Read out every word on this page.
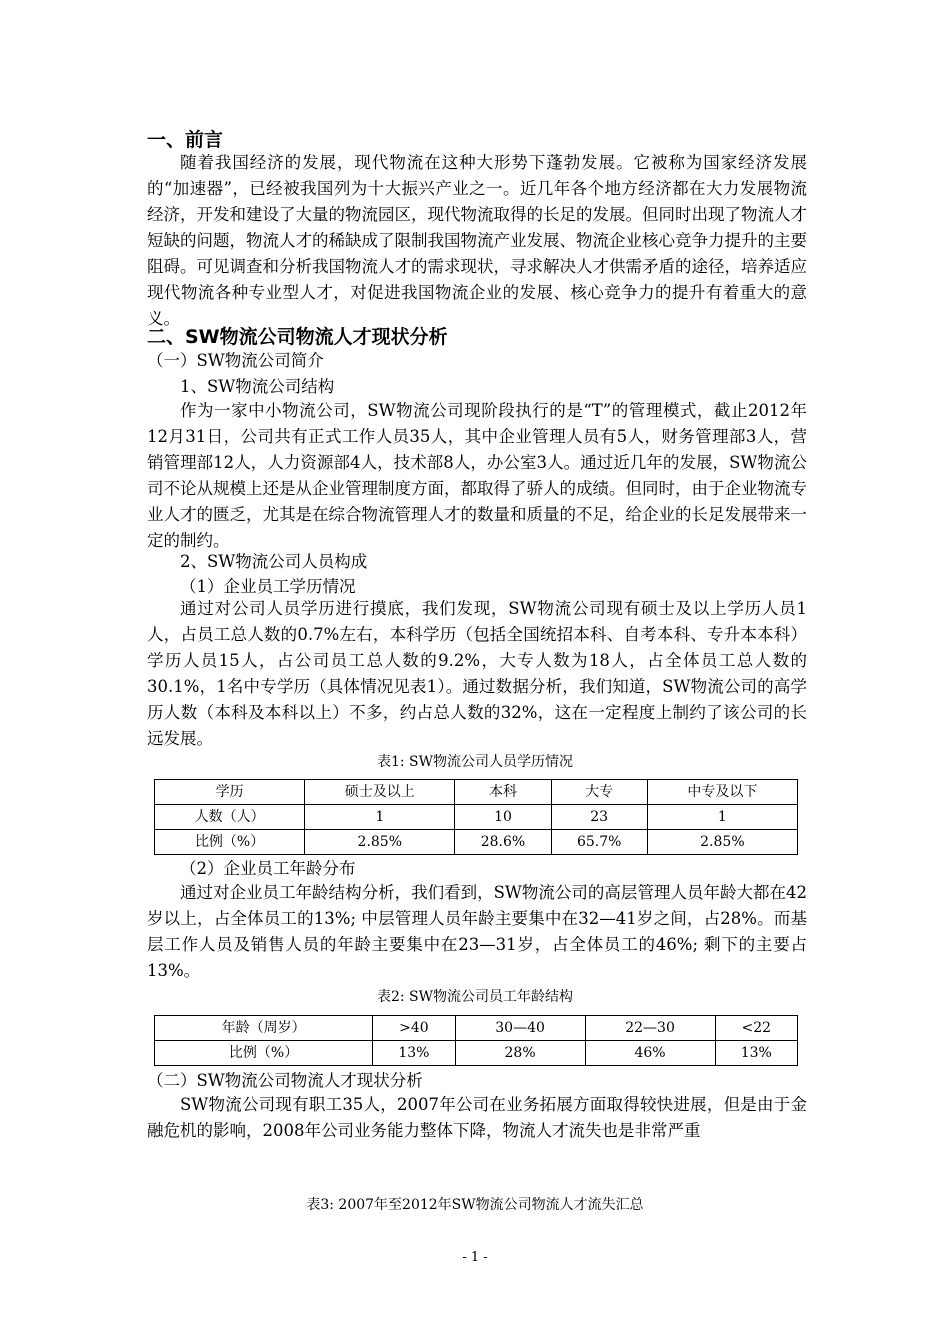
一、前言

随着我国经济的发展，现代物流在这种大形势下蓬勃发展。它被称为国家经济发展的“加速器”，已经被我国列为十大振兴产业之一。近几年各个地方经济都在大力发展物流经济，开发和建设了大量的物流园区，现代物流取得的长足的发展。但同时出现了物流人才短缺的问题，物流人才的稀缺成了限制我国物流产业发展、物流企业核心竞争力提升的主要阻碍。可见调查和分析我国物流人才的需求现状，寻求解决人才供需矛盾的途径，培养适应现代物流各种专业型人才，对促进我国物流企业的发展、核心竞争力的提升有着重大的意义。

二、SW物流公司物流人才现状分析
（一）SW物流公司简介
1、SW物流公司结构

作为一家中小物流公司，SW物流公司现阶段执行的是“T”的管理模式，截止2012年12月31日，公司共有正式工作人员35人，其中企业管理人员有5人，财务管理部3人，营销管理部12人，人力资源部4人，技术部8人，办公室3人。通过近几年的发展，SW物流公司不论从规模上还是从企业管理制度方面，都取得了骄人的成绩。但同时，由于企业物流专业人才的匮乏，尤其是在综合物流管理人才的数量和质量的不足，给企业的长足发展带来一定的制约。

2、SW物流公司人员构成
（1）企业员工学历情况

通过对公司人员学历进行摸底，我们发现，SW物流公司现有硕士及以上学历人员1人，占员工总人数的0.7%左右，本科学历（包括全国统招本科、自考本科、专升本本科）学历人员15人，占公司员工总人数的9.2%，大专人数为18人，占全体员工总人数的30.1%，1名中专学历（具体情况见表1）。通过数据分析，我们知道，SW物流公司的高学历人数（本科及本科以上）不多，约占总人数的32%，这在一定程度上制约了该公司的长远发展。

表1: SW物流公司人员学历情况
学历	硕士及以上	本科	大专	中专及以下
人数（人）	1	10	23	1
比例（%）	2.85%	28.6%	65.7%	2.85%
（2）企业员工年龄分布

通过对企业员工年龄结构分析，我们看到，SW物流公司的高层管理人员年龄大都在42岁以上，占全体员工的13%; 中层管理人员年龄主要集中在32—41岁之间，占28%。而基层工作人员及销售人员的年龄主要集中在23—31岁，占全体员工的46%; 剩下的主要占13%。

表2: SW物流公司员工年龄结构
年龄（周岁）	>40	30—40	22—30	<22
比例（%）	13%	28%	46%	13%
（二）SW物流公司物流人才现状分析

SW物流公司现有职工35人，2007年公司在业务拓展方面取得较快进展，但是由于金融危机的影响，2008年公司业务能力整体下降，物流人才流失也是非常严重

表3: 2007年至2012年SW物流公司物流人才流失汇总
- 1 -
